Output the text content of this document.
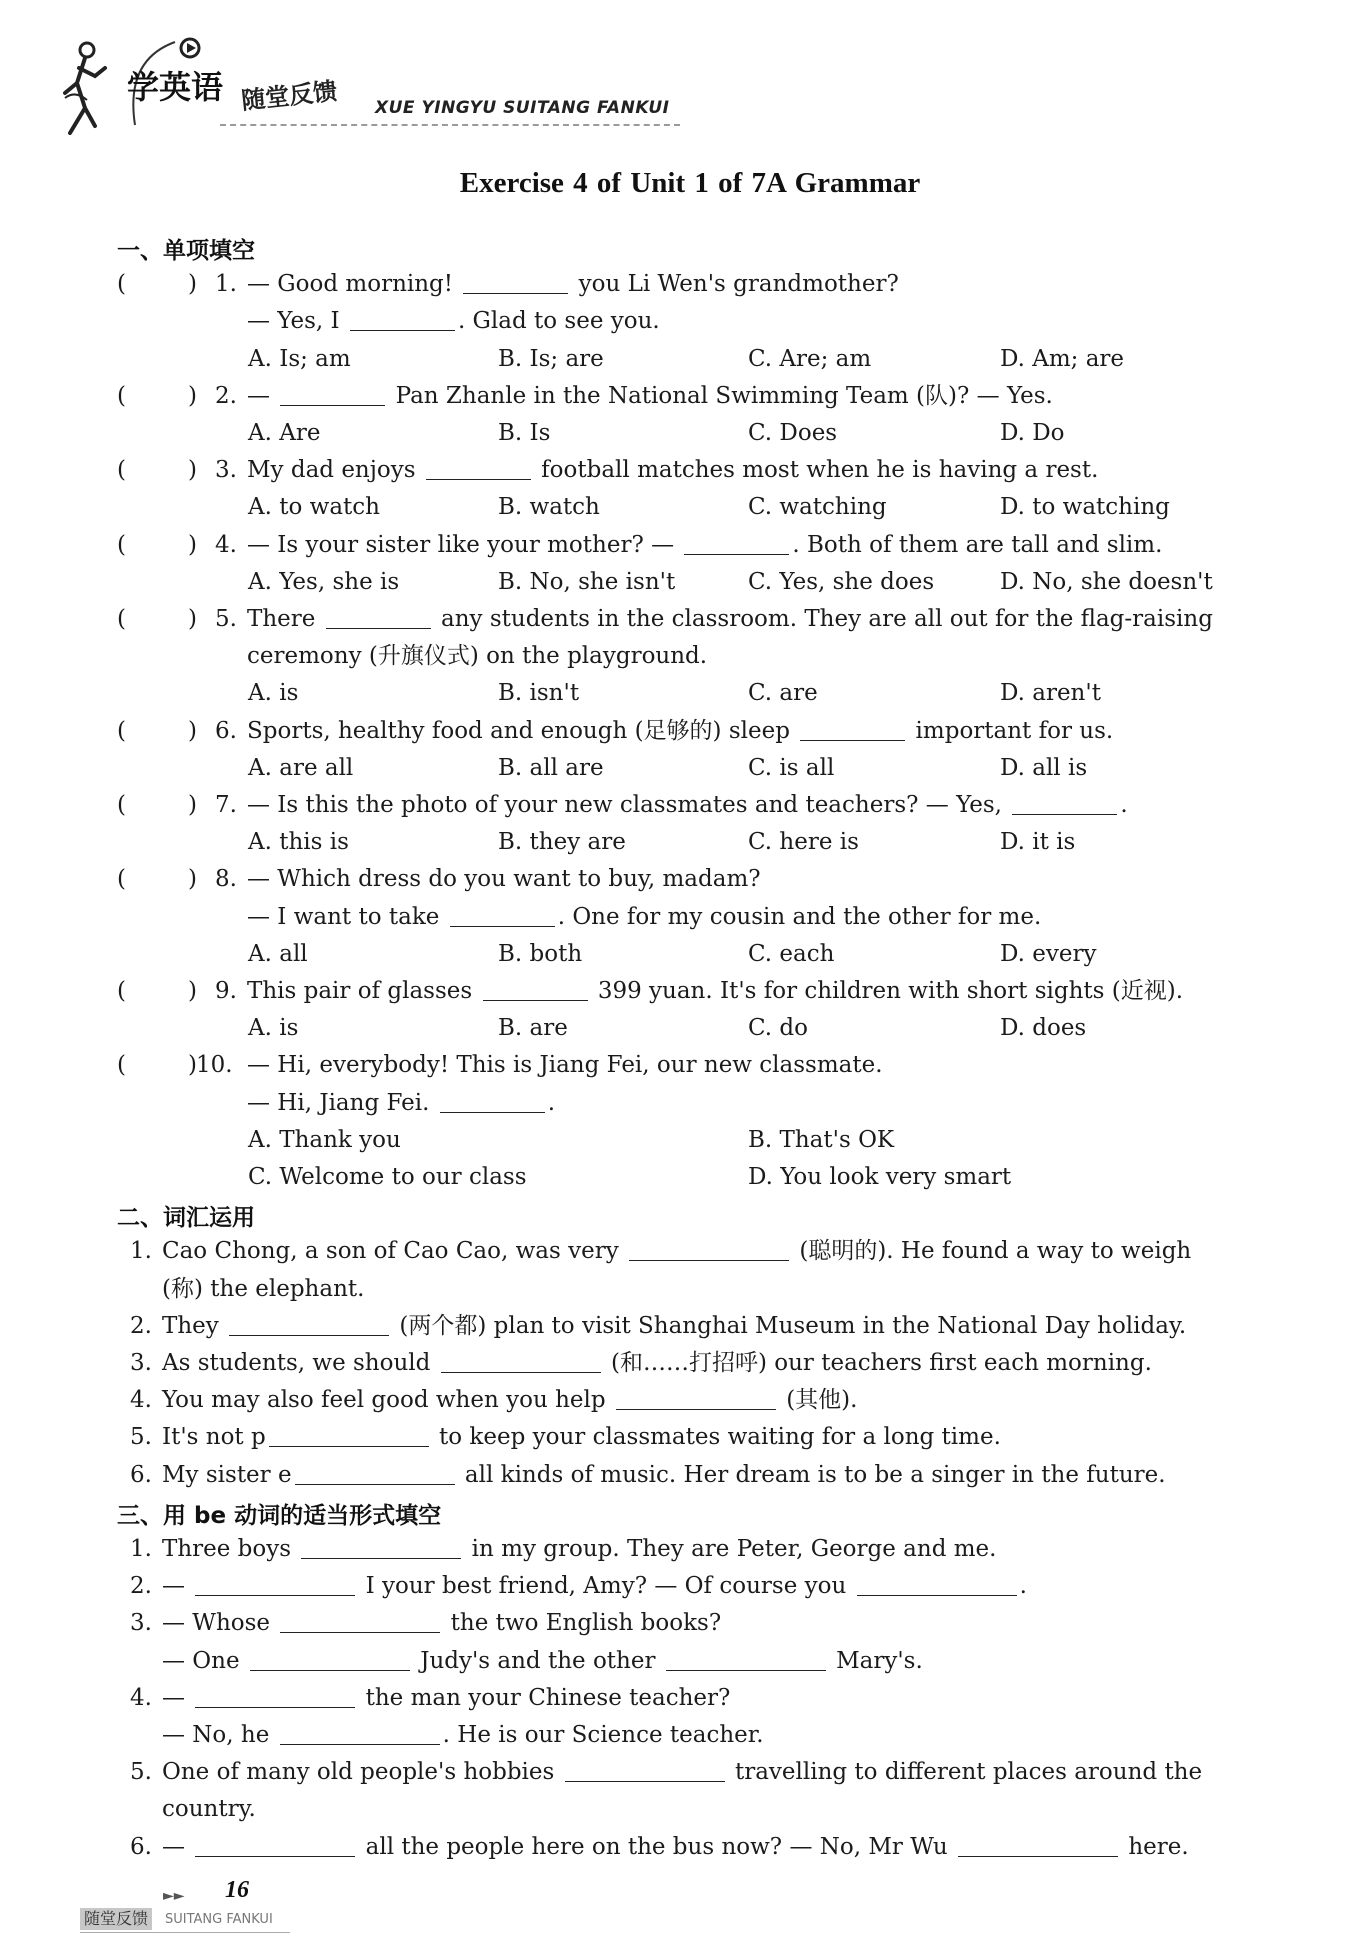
学英语 随堂反馈 XUE YINGYU SUITANG FANKUI
Exercise 4 of Unit 1 of 7A Grammar
一、单项填空
(	) 1. — Good morning!	you Li Wen's grandmother?
— Yes, I	. Glad to see you.
A. Is; am	B. Is; are	C. Are; am	D. Am; are
(	) 2. —	Pan Zhanle in the National Swimming Team (队)? — Yes.
A. Are	B. Is	C. Does	D. Do
(	) 3. My dad enjoys	football matches most when he is having a rest.
A. to watch	B. watch	C. watching	D. to watching
(	) 4. — Is your sister like your mother? —	. Both of them are tall and slim.
A. Yes, she is	B. No, she isn't	C. Yes, she does	D. No, she doesn't
(	) 5. There	any students in the classroom. They are all out for the flag-raising
ceremony (升旗仪式) on the playground.
A. is	B. isn't	C. are	D. aren't
(	) 6. Sports, healthy food and enough (足够的) sleep	important for us.
A. are all	B. all are	C. is all	D. all is
(	) 7. — Is this the photo of your new classmates and teachers? — Yes,	.
A. this is	B. they are	C. here is	D. it is
(	) 8. — Which dress do you want to buy, madam?
— I want to take	. One for my cousin and the other for me.
A. all	B. both	C. each	D. every
(	) 9. This pair of glasses	399 yuan. It's for children with short sights (近视).
A. is	B. are	C. do	D. does
(	) 10. — Hi, everybody! This is Jiang Fei, our new classmate.
— Hi, Jiang Fei.	.
A. Thank you	B. That's OK
C. Welcome to our class	D. You look very smart
二、词汇运用
1. Cao Chong, a son of Cao Cao, was very	(聪明的). He found a way to weigh
(称) the elephant.
2. They	(两个都) plan to visit Shanghai Museum in the National Day holiday.
3. As students, we should	(和……打招呼) our teachers first each morning.
4. You may also feel good when you help	(其他).
5. It's not p	to keep your classmates waiting for a long time.
6. My sister e	all kinds of music. Her dream is to be a singer in the future.
三、用 be 动词的适当形式填空
1. Three boys	in my group. They are Peter, George and me.
2. —	I your best friend, Amy? — Of course you	.
3. — Whose	the two English books?
— One	Judy's and the other	Mary's.
4. —	the man your Chinese teacher?
— No, he	. He is our Science teacher.
5. One of many old people's hobbies	travelling to different places around the
country.
6. —	all the people here on the bus now? — No, Mr Wu	here.
►► 16
随堂反馈	SUITANG FANKUI
